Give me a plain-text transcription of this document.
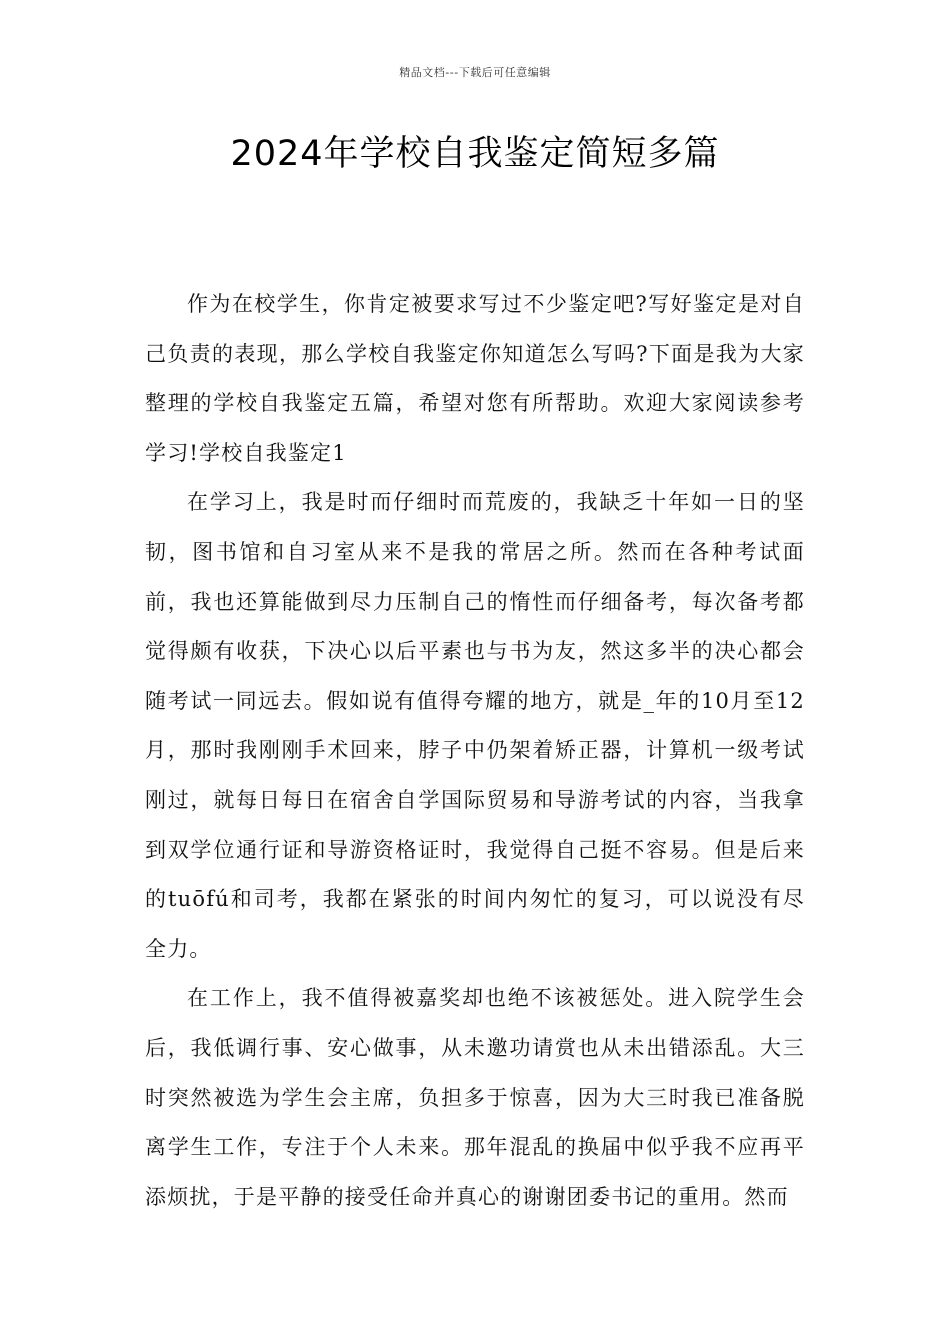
精品文档---下载后可任意编辑
2024年学校自我鉴定简短多篇

作为在校学生，你肯定被要求写过不少鉴定吧?写好鉴定是对自己负责的表现，那么学校自我鉴定你知道怎么写吗?下面是我为大家整理的学校自我鉴定五篇，希望对您有所帮助。欢迎大家阅读参考学习!学校自我鉴定1

在学习上，我是时而仔细时而荒废的，我缺乏十年如一日的坚韧，图书馆和自习室从来不是我的常居之所。然而在各种考试面前，我也还算能做到尽力压制自己的惰性而仔细备考，每次备考都觉得颇有收获，下决心以后平素也与书为友，然这多半的决心都会随考试一同远去。假如说有值得夸耀的地方，就是_年的10月至12月，那时我刚刚手术回来，脖子中仍架着矫正器，计算机一级考试刚过，就每日每日在宿舍自学国际贸易和导游考试的内容，当我拿到双学位通行证和导游资格证时，我觉得自己挺不容易。但是后来的tuōfú和司考，我都在紧张的时间内匆忙的复习，可以说没有尽全力。

在工作上，我不值得被嘉奖却也绝不该被惩处。进入院学生会后，我低调行事、安心做事，从未邀功请赏也从未出错添乱。大三时突然被选为学生会主席，负担多于惊喜，因为大三时我已准备脱离学生工作，专注于个人未来。那年混乱的换届中似乎我不应再平添烦扰，于是平静的接受任命并真心的谢谢团委书记的重用。然而
